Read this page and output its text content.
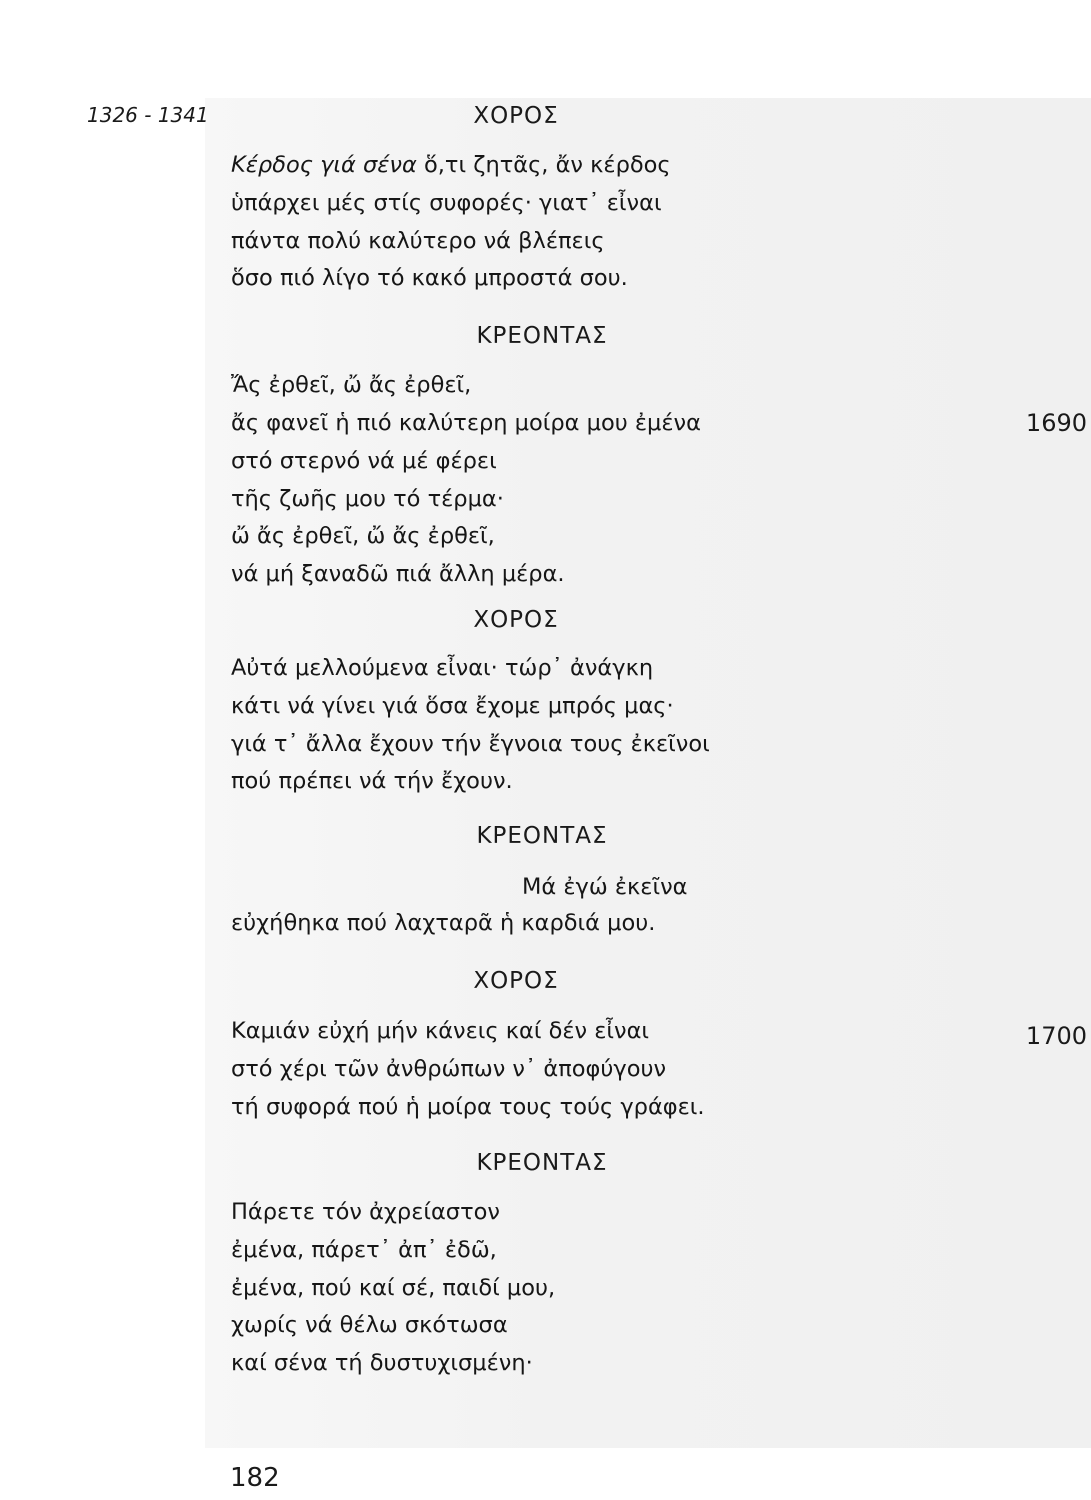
1326 - 1341	ΧΟΡΟΣ
Κέρδος γιά σένα ὅ,τι ζητᾶς, ἄν κέρδος
ὑπάρχει μές στίς συφορές· γιατ᾽ εἶναι
πάντα πολύ καλύτερο νά βλέπεις
ὅσο πιό λίγο τό κακό μπροστά σου.
ΚΡΕΟΝΤΑΣ
Ἄς ἐρθεῖ, ὤ ἄς ἐρθεῖ,
ἄς φανεῖ ἡ πιό καλύτερη μοίρα μου ἐμένα
στό στερνό νά μέ φέρει
τῆς ζωῆς μου τό τέρμα·
ὤ ἄς ἐρθεῖ, ὤ ἄς ἐρθεῖ,
νά μή ξαναδῶ πιά ἄλλη μέρα.
1690
ΧΟΡΟΣ
Αὐτά μελλούμενα εἶναι· τώρ᾽ ἀνάγκη
κάτι νά γίνει γιά ὅσα ἔχομε μπρός μας·
γιά τ᾽ ἄλλα ἔχουν τήν ἔγνοια τους ἐκεῖνοι
πού πρέπει νά τήν ἔχουν.
ΚΡΕΟΝΤΑΣ
Μά ἐγώ ἐκεῖνα
εὐχήθηκα πού λαχταρᾶ ἡ καρδιά μου.
ΧΟΡΟΣ
Καμιάν εὐχή μήν κάνεις καί δέν εἶναι
στό χέρι τῶν ἀνθρώπων ν᾽ ἀποφύγουν
τή συφορά πού ἡ μοίρα τους τούς γράφει.
1700
ΚΡΕΟΝΤΑΣ
Πάρετε τόν ἀχρείαστον
ἐμένα, πάρετ᾽ ἀπ᾽ ἐδῶ,
ἐμένα, πού καί σέ, παιδί μου,
χωρίς νά θέλω σκότωσα
καί σένα τή δυστυχισμένη·
182
